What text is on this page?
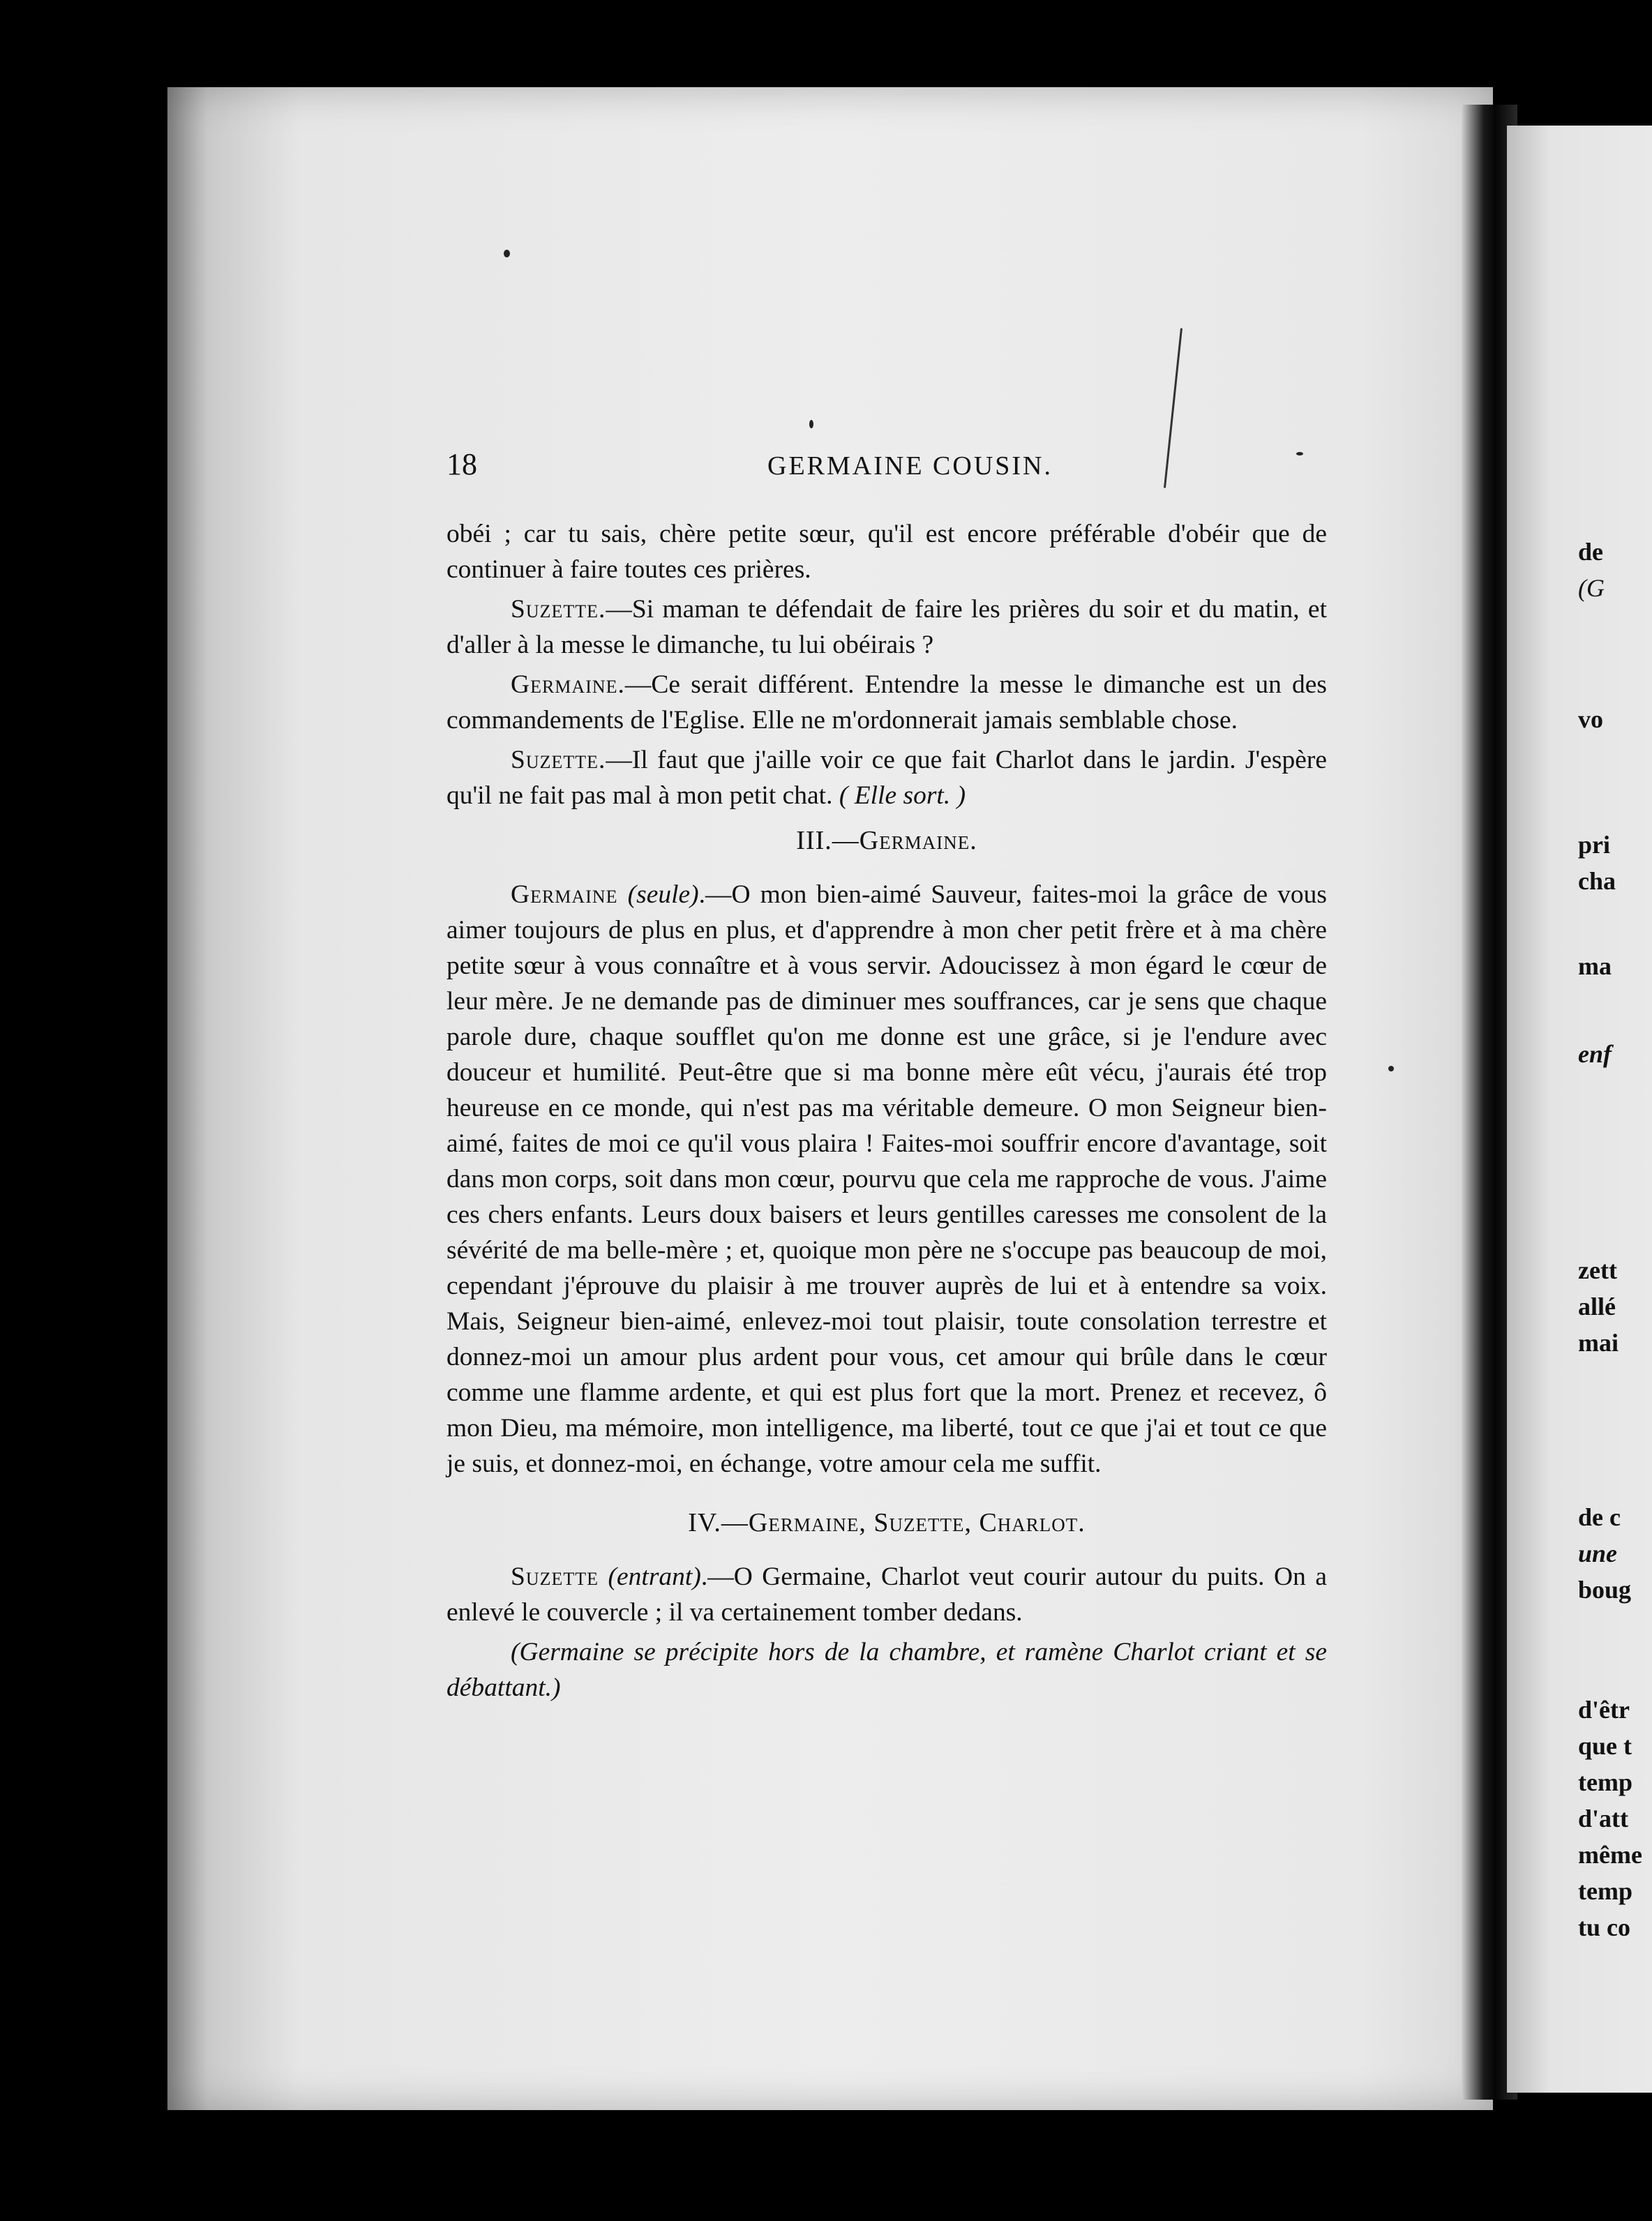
18	GERMAINE COUSIN.

obéi ; car tu sais, chère petite sœur, qu'il est encore préférable d'obéir que de continuer à faire toutes ces prières.

Suzette.—Si maman te défendait de faire les prières du soir et du matin, et d'aller à la messe le dimanche, tu lui obéirais ?

Germaine.—Ce serait différent. Entendre la messe le dimanche est un des commandements de l'Eglise. Elle ne m'ordonnerait jamais semblable chose.

Suzette.—Il faut que j'aille voir ce que fait Charlot dans le jardin. J'espère qu'il ne fait pas mal à mon petit chat. ( Elle sort. )

III.—Germaine.

Germaine (seule).—O mon bien-aimé Sauveur, faites-moi la grâce de vous aimer toujours de plus en plus, et d'apprendre à mon cher petit frère et à ma chère petite sœur à vous connaître et à vous servir. Adoucissez à mon égard le cœur de leur mère. Je ne demande pas de diminuer mes souffrances, car je sens que chaque parole dure, chaque soufflet qu'on me donne est une grâce, si je l'endure avec douceur et humilité. Peut-être que si ma bonne mère eût vécu, j'aurais été trop heureuse en ce monde, qui n'est pas ma véritable demeure. O mon Seigneur bien-aimé, faites de moi ce qu'il vous plaira ! Faites-moi souffrir encore d'avantage, soit dans mon corps, soit dans mon cœur, pourvu que cela me rapproche de vous. J'aime ces chers enfants. Leurs doux baisers et leurs gentilles caresses me consolent de la sévérité de ma belle-mère ; et, quoique mon père ne s'occupe pas beaucoup de moi, cependant j'éprouve du plaisir à me trouver auprès de lui et à entendre sa voix. Mais, Seigneur bien-aimé, enlevez-moi tout plaisir, toute consolation terrestre et donnez-moi un amour plus ardent pour vous, cet amour qui brûle dans le cœur comme une flamme ardente, et qui est plus fort que la mort. Prenez et recevez, ô mon Dieu, ma mémoire, mon intelligence, ma liberté, tout ce que j'ai et tout ce que je suis, et donnez-moi, en échange, votre amour cela me suffit.

IV.—Germaine, Suzette, Charlot.

Suzette (entrant).—O Germaine, Charlot veut courir autour du puits. On a enlevé le couvercle ; il va certainement tomber dedans.

(Germaine se précipite hors de la chambre, et ramène Charlot criant et se débattant.)

de
(G
vo
pri
cha
ma
enf
zett
allé
mai
de c
une
boug
d'êtr
que t
temp
d'att
même
temp
tu co
